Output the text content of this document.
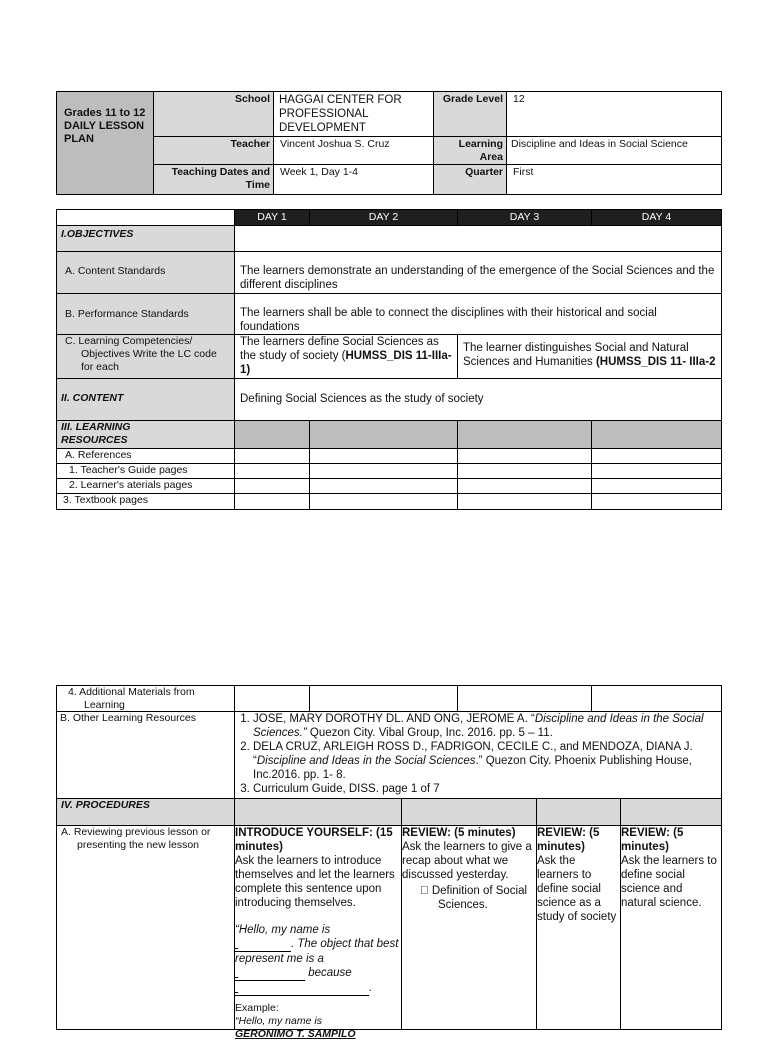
Grades 11 to 12 DAILY LESSON PLAN
School HAGGAI CENTER FOR PROFESSIONAL DEVELOPMENT
Teacher Vincent Joshua S. Cruz
Teaching Dates and Time
Week 1, Day 1-4
Grade Level 12
Learning Area
Discipline and Ideas in Social Science
Quarter First
DAY 1	DAY 2	DAY 3	DAY 4
I.OBJECTIVES
A. Content Standards	The learners demonstrate an understanding of the emergence of the Social Sciences and the different disciplines
B. Performance Standards	The learners shall be able to connect the disciplines with their historical and social foundations
C. Learning Competencies/ Objectives Write the LC code for each
The learners define Social Sciences as the study of society (HUMSS_DIS 11-IIIa-1)
The learner distinguishes Social and Natural Sciences and Humanities (HUMSS_DIS 11- IIIa-2
II. CONTENT	Defining Social Sciences as the study of society
III. LEARNING RESOURCES
A. References
1. Teacher's Guide pages
2. Learner's aterials pages
3. Textbook pages
4. Additional Materials from Learning
B. Other Learning Resources
1.	JOSE, MARY DOROTHY DL. AND ONG, JEROME A. “Discipline and Ideas in the Social Sciences.” Quezon City. Vibal Group, Inc. 2016. pp. 5 – 11.
2. DELA CRUZ, ARLEIGH ROSS D., FADRIGON, CECILE C., and MENDOZA, DIANA J. “Discipline and Ideas in the Social Sciences.” Quezon City. Phoenix Publishing House, Inc.2016. pp. 1- 8.
3. Curriculum Guide, DISS. page 1 of 7
IV. PROCEDURES
A. Reviewing previous lesson or presenting the new lesson
INTRODUCE YOURSELF: (15 minutes)
Ask the learners to introduce themselves and let the learners complete this sentence upon introducing themselves.
“Hello, my name is
. The object that best represent me is a
because
.
Example:
“Hello, my name is
GERONIMO T. SAMPILO
REVIEW: (5 minutes)
Ask the learners to give a recap about what we discussed yesterday.
Definition of Social Sciences.
REVIEW: (5 minutes)
Ask the learners to define social science as a study of society
REVIEW: (5 minutes)
Ask the learners to define social science and natural science.
